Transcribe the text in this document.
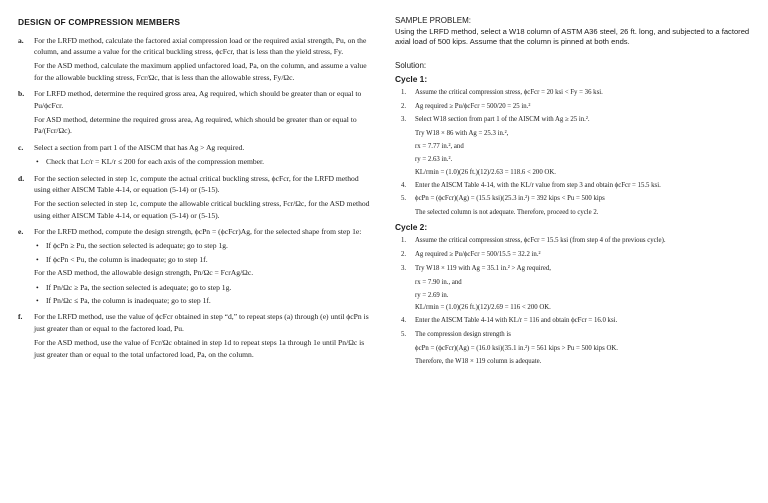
DESIGN OF COMPRESSION MEMBERS
a. For the LRFD method, calculate the factored axial compression load or the required axial strength, Pu, on the column, and assume a value for the critical buckling stress, ϕcFcr, that is less than the yield stress, Fy.

For the ASD method, calculate the maximum applied unfactored load, Pa, on the column, and assume a value for the allowable buckling stress, Fcr/Ωc, that is less than the allowable stress, Fy/Ωc.

b. For LRFD method, determine the required gross area, Ag required, which should be greater than or equal to Pu/ϕcFcr.

For ASD method, determine the required gross area, Ag required, which should be greater than or equal to Pa/(Fcr/Ωc).

c. Select a section from part 1 of the AISCM that has Ag > Ag required.

• Check that Lc/r = KL/r ≤ 200 for each axis of the compression member.
d. For the section selected in step 1c, compute the actual critical buckling stress, ϕcFcr, for the LRFD method using either AISCM Table 4-14, or equation (5-14) or (5-15).

For the section selected in step 1c, compute the allowable critical buckling stress, Fcr/Ωc, for the ASD method using either AISCM Table 4-14, or equation (5-14) or (5-15).

e. For the LRFD method, compute the design strength, ϕcPn = (ϕcFcr)Ag, for the selected shape from step 1e:

• If ϕcPn ≥ Pu, the section selected is adequate; go to step 1g.
• If ϕcPn < Pu, the column is inadequate; go to step 1f.

For the ASD method, the allowable design strength, Pn/Ωc = FcrAg/Ωc.

• If Pn/Ωc ≥ Pa, the section selected is adequate; go to step 1g.
• If Pn/Ωc ≤ Pa, the column is inadequate; go to step 1f.
f. For the LRFD method, use the value of ϕcFcr obtained in step “d,” to repeat steps (a) through (e) until ϕcPn is just greater than or equal to the factored load, Pu.

For the ASD method, use the value of Fcr/Ωc obtained in step 1d to repeat steps 1a through 1e until Pn/Ωc is just greater than or equal to the total unfactored load, Pa, on the column.

SAMPLE PROBLEM:
Using the LRFD method, select a W18 column of ASTM A36 steel, 26 ft. long, and subjected to a factored axial load of 500 kips. Assume that the column is pinned at both ends.
Solution:
Cycle 1:
1. Assume the critical compression stress, ϕcFcr = 20 ksi < Fy = 36 ksi.
2. Ag required ≥ Pu/ϕcFcr = 500/20 = 25 in.²
3. Select W18 section from part 1 of the AISCM with Ag ≥ 25 in.².
Try W18 × 86 with Ag = 25.3 in.²,
rx = 7.77 in.², and
ry = 2.63 in.².
KL/rmin = (1.0)(26 ft.)(12)/2.63 = 118.6 < 200 OK.
4. Enter the AISCM Table 4-14, with the KL/r value from step 3 and obtain ϕcFcr = 15.5 ksi.
5. ϕcPn = (ϕcFcr)(Ag) = (15.5 ksi)(25.3 in.²) = 392 kips < Pu = 500 kips
The selected column is not adequate. Therefore, proceed to cycle 2.
Cycle 2:
1. Assume the critical compression stress, ϕcFcr = 15.5 ksi (from step 4 of the previous cycle).
2. Ag required ≥ Pu/ϕcFcr = 500/15.5 = 32.2 in.²
3. Try W18 × 119 with Ag = 35.1 in.² > Ag required,
rx = 7.90 in., and
ry = 2.69 in.
KL/rmin = (1.0)(26 ft.)(12)/2.69 = 116 < 200 OK.
4. Enter the AISCM Table 4-14 with KL/r = 116 and obtain ϕcFcr = 16.0 ksi.
5. The compression design strength is
ϕcPn = (ϕcFcr)(Ag) = (16.0 ksi)(35.1 in.²) = 561 kips > Pu = 500 kips OK.
Therefore, the W18 × 119 column is adequate.
